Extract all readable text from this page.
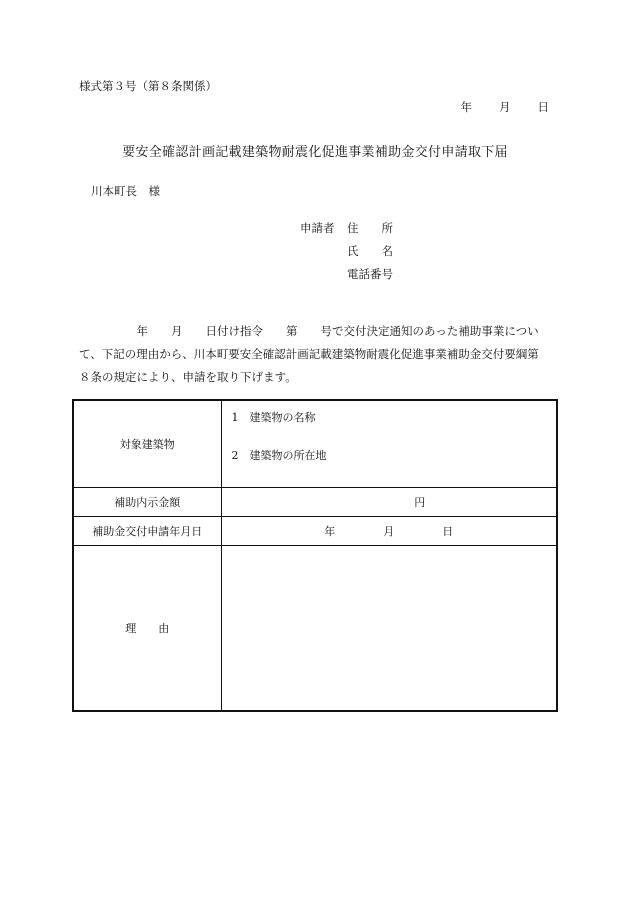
様式第３号（第８条関係）
年 月 日
要安全確認計画記載建築物耐震化促進事業補助金交付申請取下届
川本町長　様
申請者 住　　所
氏　　名
電話番号
　　　　　年　　月　　日付け指令　　第　　号で交付決定通知のあった補助事業につい
て、下記の理由から、川本町要安全確認計画記載建築物耐震化促進事業補助金交付要綱第
８条の規定により、申請を取り下げます。
対象建築物	1　建築物の名称
2　建築物の所在地

補助内示金額	円
補助金交付申請年月日	年 月 日
理　　由	
